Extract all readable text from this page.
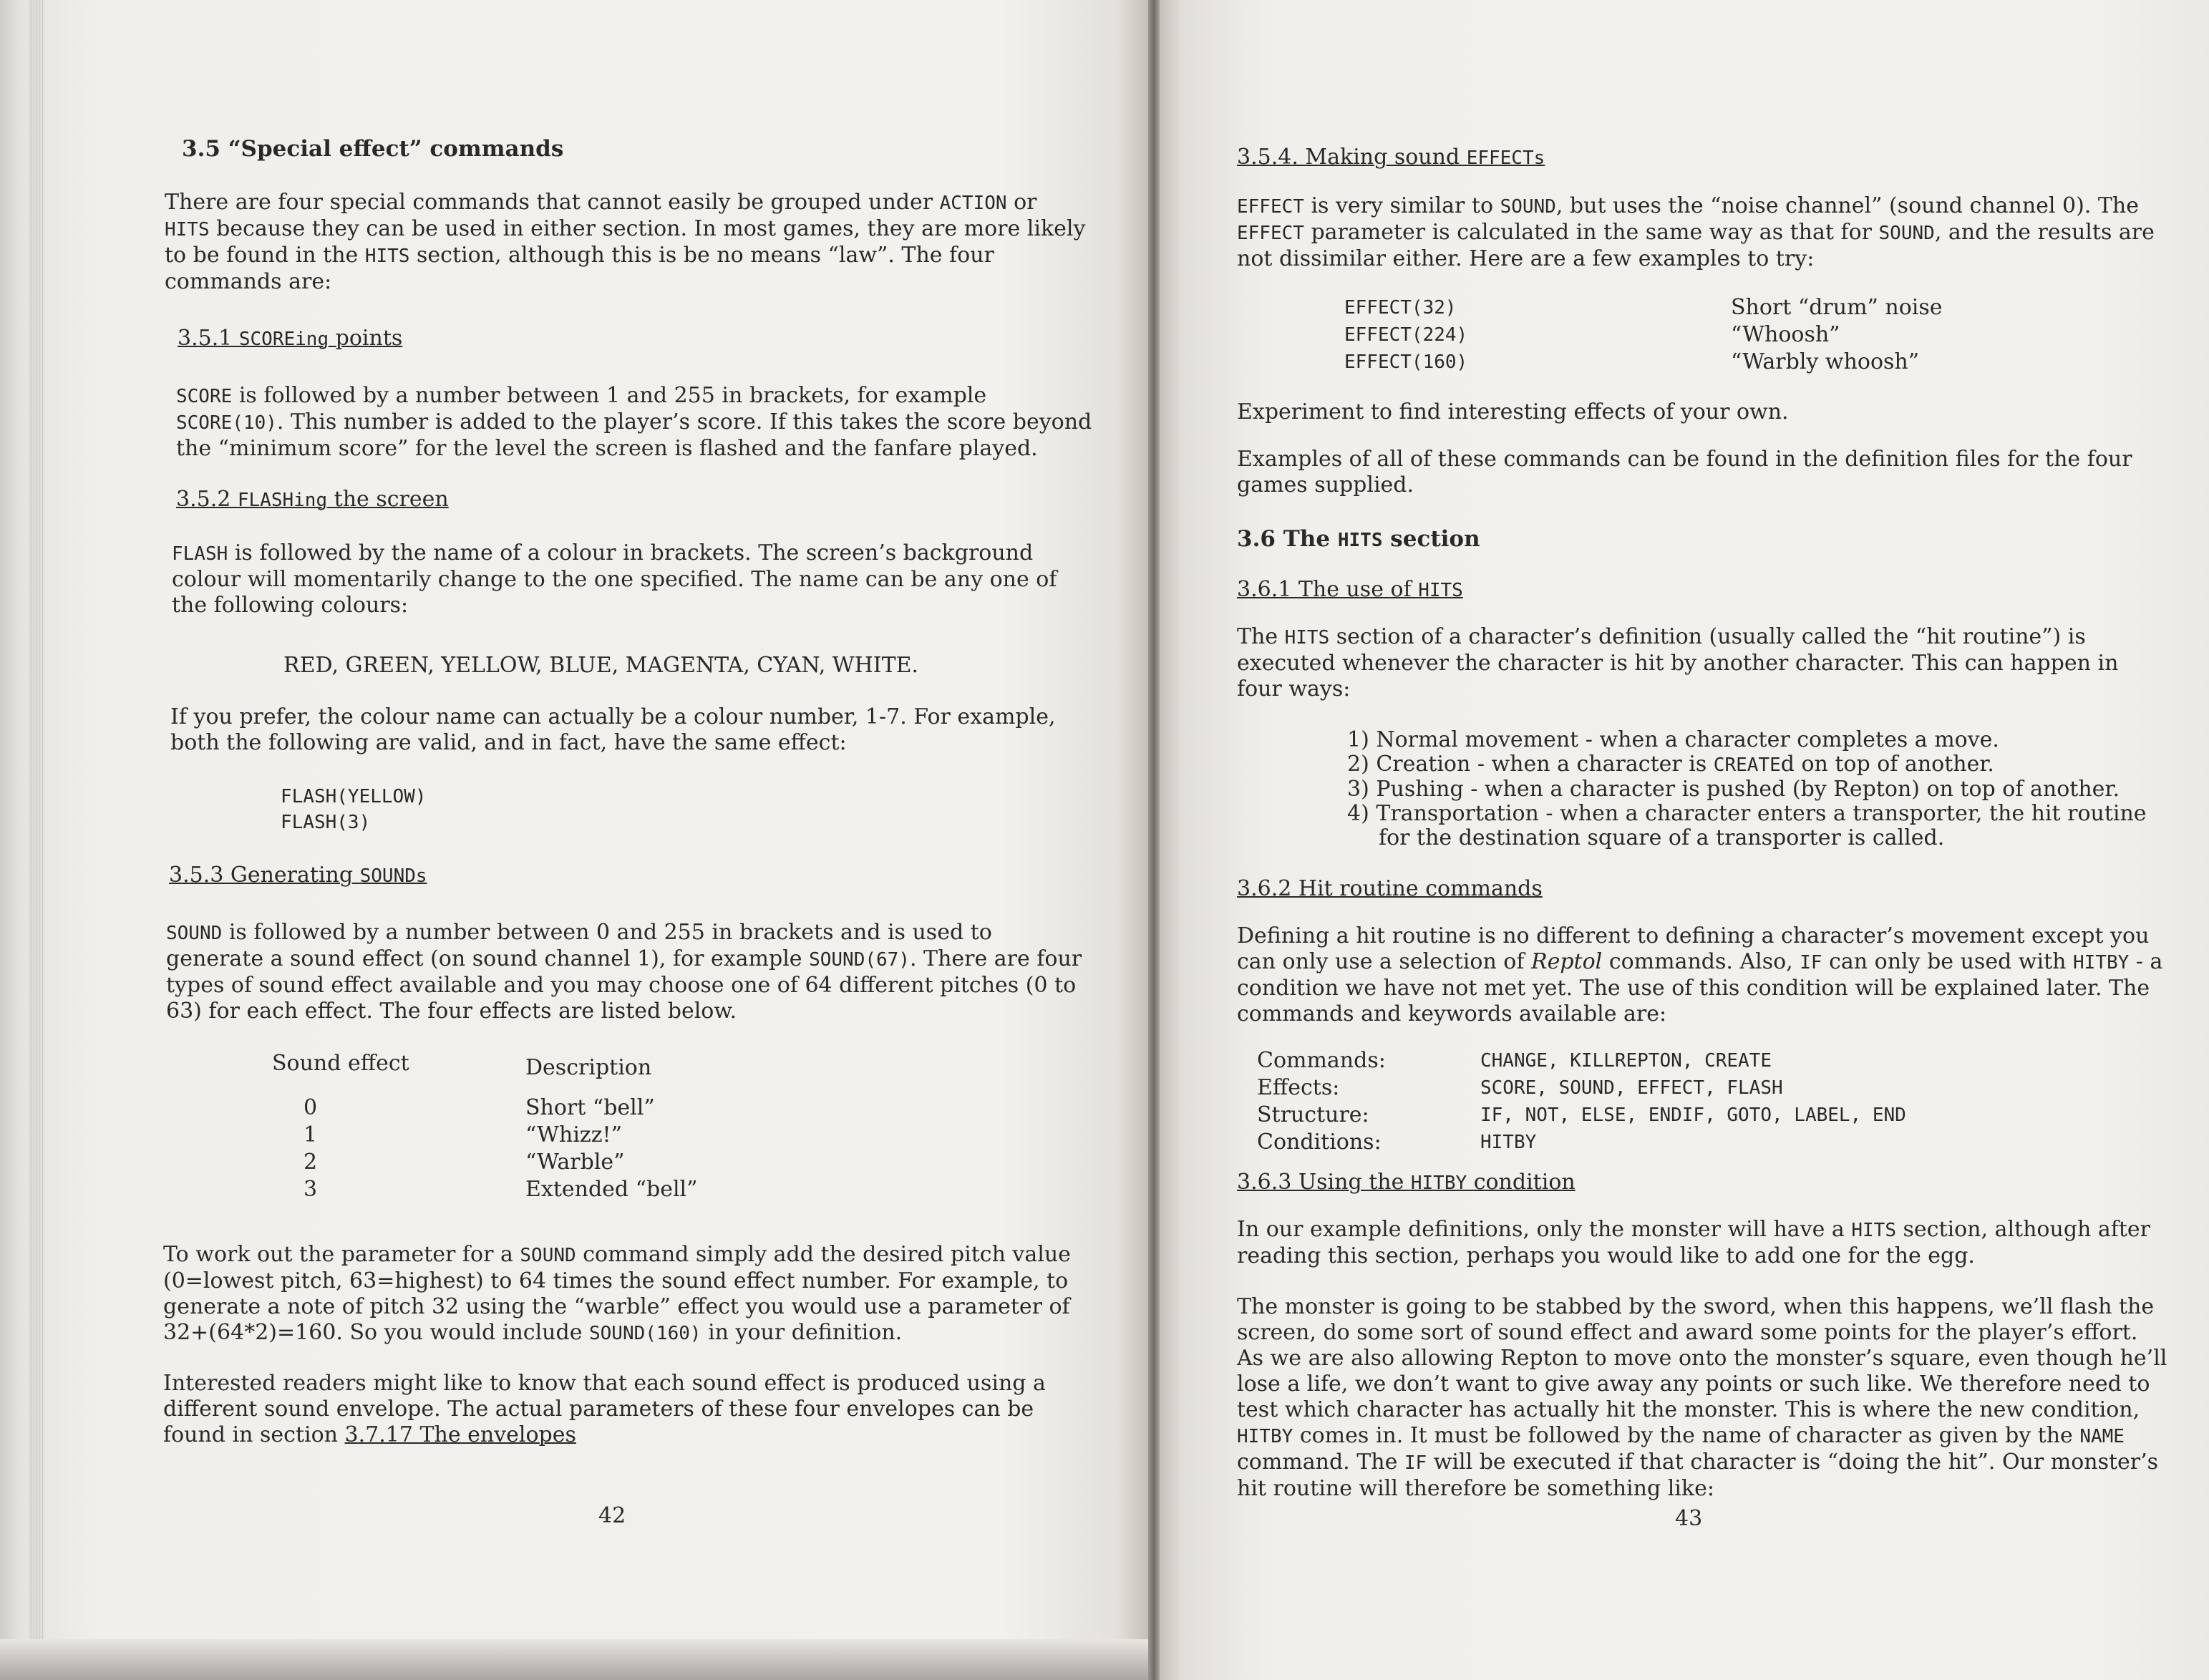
3.5 “Special effect” commands
There are four special commands that cannot easily be grouped under ACTION or HITS because they can be used in either section. In most games, they are more likely to be found in the HITS section, although this is be no means “law”. The four commands are:
3.5.1 SCOREing points
SCORE is followed by a number between 1 and 255 in brackets, for example SCORE(10). This number is added to the player’s score. If this takes the score beyond the “minimum score” for the level the screen is flashed and the fanfare played.
3.5.2 FLASHing the screen
FLASH is followed by the name of a colour in brackets. The screen’s background colour will momentarily change to the one specified. The name can be any one of the following colours:
RED, GREEN, YELLOW, BLUE, MAGENTA, CYAN, WHITE.
If you prefer, the colour name can actually be a colour number, 1-7. For example, both the following are valid, and in fact, have the same effect:
FLASH(YELLOW)
FLASH(3)
3.5.3 Generating SOUNDs
SOUND is followed by a number between 0 and 255 in brackets and is used to generate a sound effect (on sound channel 1), for example SOUND(67). There are four types of sound effect available and you may choose one of 64 different pitches (0 to 63) for each effect. The four effects are listed below.
Sound effect	Description

0	Short “bell”
1	“Whizz!”
2	“Warble”
3	Extended “bell”
To work out the parameter for a SOUND command simply add the desired pitch value (0=lowest pitch, 63=highest) to 64 times the sound effect number. For example, to generate a note of pitch 32 using the “warble” effect you would use a parameter of 32+(64*2)=160. So you would include SOUND(160) in your definition.
Interested readers might like to know that each sound effect is produced using a different sound envelope. The actual parameters of these four envelopes can be found in section 3.7.17 The envelopes
42
3.5.4. Making sound EFFECTs
EFFECT is very similar to SOUND, but uses the “noise channel” (sound channel 0). The EFFECT parameter is calculated in the same way as that for SOUND, and the results are not dissimilar either. Here are a few examples to try:
EFFECT(32)	Short “drum” noise
EFFECT(224)	“Whoosh”
EFFECT(160)	“Warbly whoosh”
Experiment to find interesting effects of your own.
Examples of all of these commands can be found in the definition files for the four games supplied.
3.6 The HITS section
3.6.1 The use of HITS
The HITS section of a character’s definition (usually called the “hit routine”) is executed whenever the character is hit by another character. This can happen in four ways:
1) Normal movement - when a character completes a move.
2) Creation - when a character is CREATEd on top of another.
3) Pushing - when a character is pushed (by Repton) on top of another.
4) Transportation - when a character enters a transporter, the hit routine for the destination square of a transporter is called.
3.6.2 Hit routine commands
Defining a hit routine is no different to defining a character’s movement except you can only use a selection of Reptol commands. Also, IF can only be used with HITBY - a condition we have not met yet. The use of this condition will be explained later. The commands and keywords available are:
Commands:	CHANGE, KILLREPTON, CREATE
Effects:	SCORE, SOUND, EFFECT, FLASH
Structure:	IF, NOT, ELSE, ENDIF, GOTO, LABEL, END
Conditions:	HITBY
3.6.3 Using the HITBY condition
In our example definitions, only the monster will have a HITS section, although after reading this section, perhaps you would like to add one for the egg.
The monster is going to be stabbed by the sword, when this happens, we’ll flash the screen, do some sort of sound effect and award some points for the player’s effort. As we are also allowing Repton to move onto the monster’s square, even though he’ll lose a life, we don’t want to give away any points or such like. We therefore need to test which character has actually hit the monster. This is where the new condition, HITBY comes in. It must be followed by the name of character as given by the NAME command. The IF will be executed if that character is “doing the hit”. Our monster’s hit routine will therefore be something like:
43
